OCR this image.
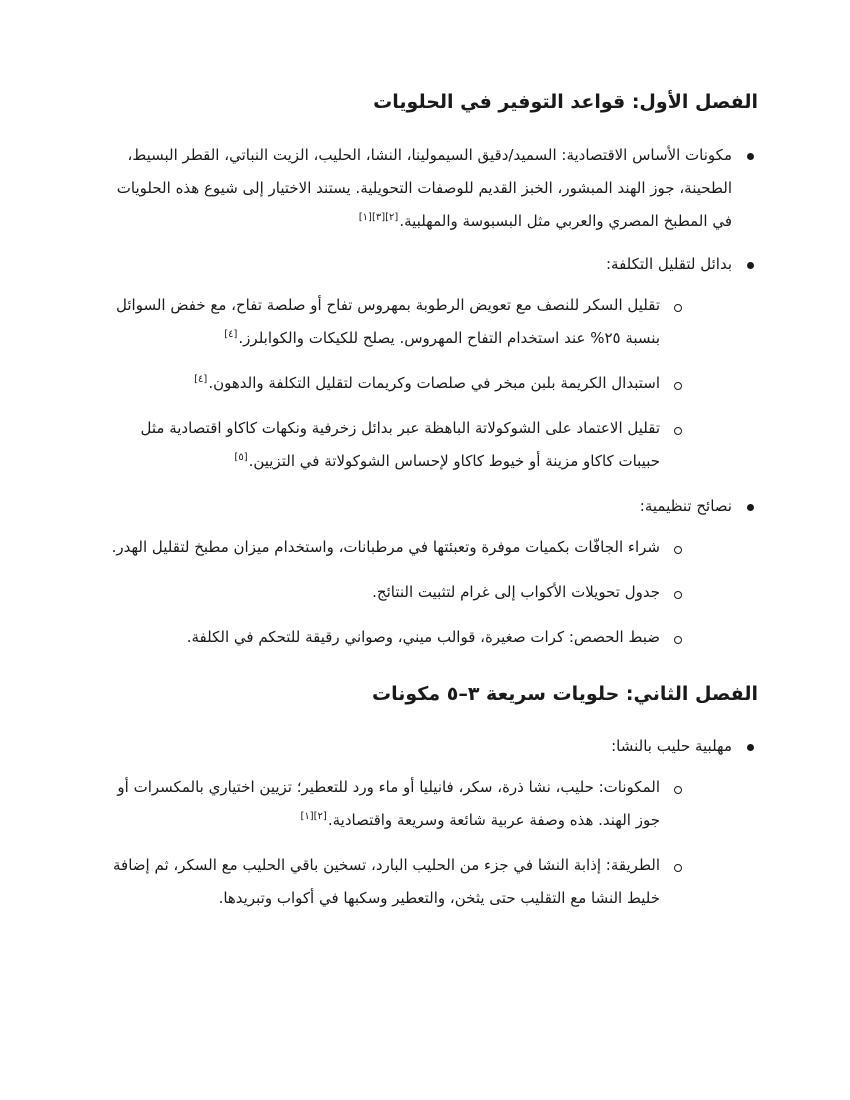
الفصل الأول: قواعد التوفير في الحلويات
مكونات الأساس الاقتصادية: السميد/دقيق السيمولينا، النشا، الحليب، الزيت النباتي، القطر البسيط، الطحينة، جوز الهند المبشور، الخبز القديم للوصفات التحويلية. يستند الاختيار إلى شيوع هذه الحلويات في المطبخ المصري والعربي مثل البسبوسة والمهلبية.[٢][٣][١]
بدائل لتقليل التكلفة:
تقليل السكر للنصف مع تعويض الرطوبة بمهروس تفاح أو صلصة تفاح، مع خفض السوائل بنسبة ٢٥% عند استخدام التفاح المهروس. يصلح للكيكات والكوابلرز.[٤]
استبدال الكريمة بلبن مبخر في صلصات وكريمات لتقليل التكلفة والدهون.[٤]
تقليل الاعتماد على الشوكولاتة الباهظة عبر بدائل زخرفية ونكهات كاكاو اقتصادية مثل حبيبات كاكاو مزينة أو خيوط كاكاو لإحساس الشوكولاتة في التزيين.[٥]
نصائح تنظيمية:
شراء الجافّات بكميات موفرة وتعبئتها في مرطبانات، واستخدام ميزان مطبخ لتقليل الهدر.
جدول تحويلات الأكواب إلى غرام لتثبيت النتائج.
ضبط الحصص: كرات صغيرة، قوالب ميني، وصواني رقيقة للتحكم في الكلفة.
الفصل الثاني: حلويات سريعة ٣–٥ مكونات
مهلبية حليب بالنشا:
المكونات: حليب، نشا ذرة، سكر، فانيليا أو ماء ورد للتعطير؛ تزيين اختياري بالمكسرات أو جوز الهند. هذه وصفة عربية شائعة وسريعة واقتصادية.[٢][١]
الطريقة: إذابة النشا في جزء من الحليب البارد، تسخين باقي الحليب مع السكر، ثم إضافة خليط النشا مع التقليب حتى يثخن، والتعطير وسكبها في أكواب وتبريدها.
